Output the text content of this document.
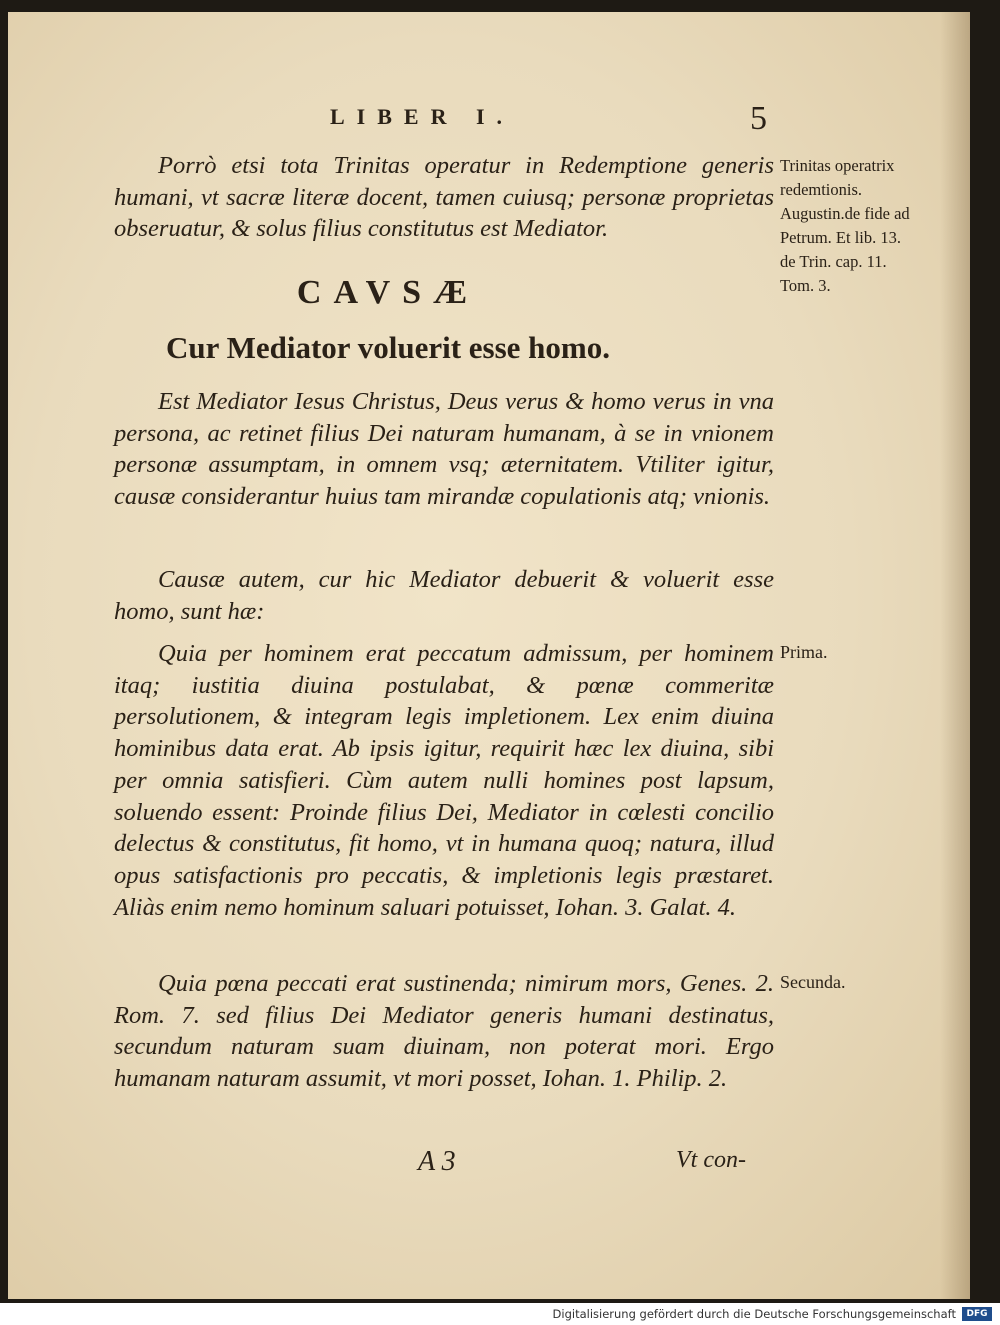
LIBER I.	5

Porrò etsi tota Trinitas operatur in Redemptione generis humani, vt sacræ literæ docent, tamen cuiusq; personæ proprietas obseruatur, & solus filius constitutus est Mediator.

CAVSÆ
Cur Mediator voluerit esse homo.

Est Mediator Iesus Christus, Deus verus & homo verus in vna persona, ac retinet filius Dei naturam humanam, à se in vnionem personæ assumptam, in omnem vsq; æternitatem. Vtiliter igitur, causæ considerantur huius tam mirandæ copulationis atq; vnionis.

Causæ autem, cur hic Mediator debuerit & voluerit esse homo, sunt hæ:

Quia per hominem erat peccatum admissum, per hominem itaq; iustitia diuina postulabat, & pœnæ commeritæ persolutionem, & integram legis impletionem. Lex enim diuina hominibus data erat. Ab ipsis igitur, requirit hæc lex diuina, sibi per omnia satisfieri. Cùm autem nulli homines post lapsum, soluendo essent: Proinde filius Dei, Mediator in cœlesti concilio delectus & constitutus, fit homo, vt in humana quoq; natura, illud opus satisfactionis pro peccatis, & impletionis legis præstaret. Aliàs enim nemo hominum saluari potuisset, Iohan. 3. Galat. 4.

Quia pœna peccati erat sustinenda; nimirum mors, Genes. 2. Rom. 7. sed filius Dei Mediator generis humani destinatus, secundum naturam suam diuinam, non poterat mori. Ergo humanam naturam assumit, vt mori posset, Iohan. 1. Philip. 2.

Trinitas operatrix redemtionis. Augustin.de fide ad Petrum. Et lib. 13. de Trin. cap. 11. Tom. 3.

Prima.

Secunda.

A 3	Vt con-
Digitalisierung gefördert durch die Deutsche Forschungsgemeinschaft	DFG
